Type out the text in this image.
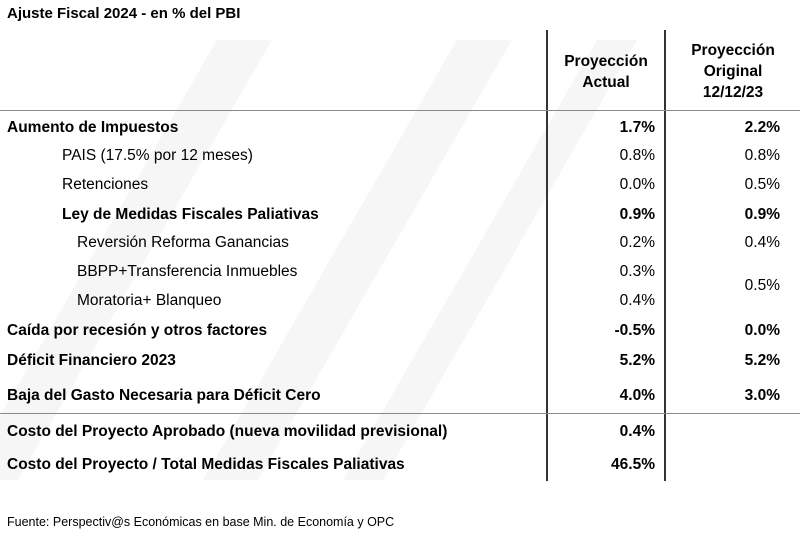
Ajuste Fiscal 2024 - en % del PBI
Proyección
Actual
Proyección
Original
12/12/23
Aumento de Impuestos
PAIS (17.5% por 12 meses)
Retenciones
Ley de Medidas Fiscales Paliativas
Reversión Reforma Ganancias
BBPP+Transferencia Inmuebles
Moratoria+ Blanqueo
Caída por recesión y otros factores
Déficit Financiero 2023
Baja del Gasto Necesaria para Déficit Cero
Costo del Proyecto Aprobado (nueva movilidad previsional)
Costo del Proyecto / Total Medidas Fiscales Paliativas
1.7%
0.8%
0.0%
0.9%
0.2%
0.3%
0.4%
-0.5%
5.2%
4.0%
0.4%
46.5%
2.2%
0.8%
0.5%
0.9%
0.4%
0.5%
0.0%
5.2%
3.0%
Fuente: Perspectiv@s Económicas en base Min. de Economía y OPC
